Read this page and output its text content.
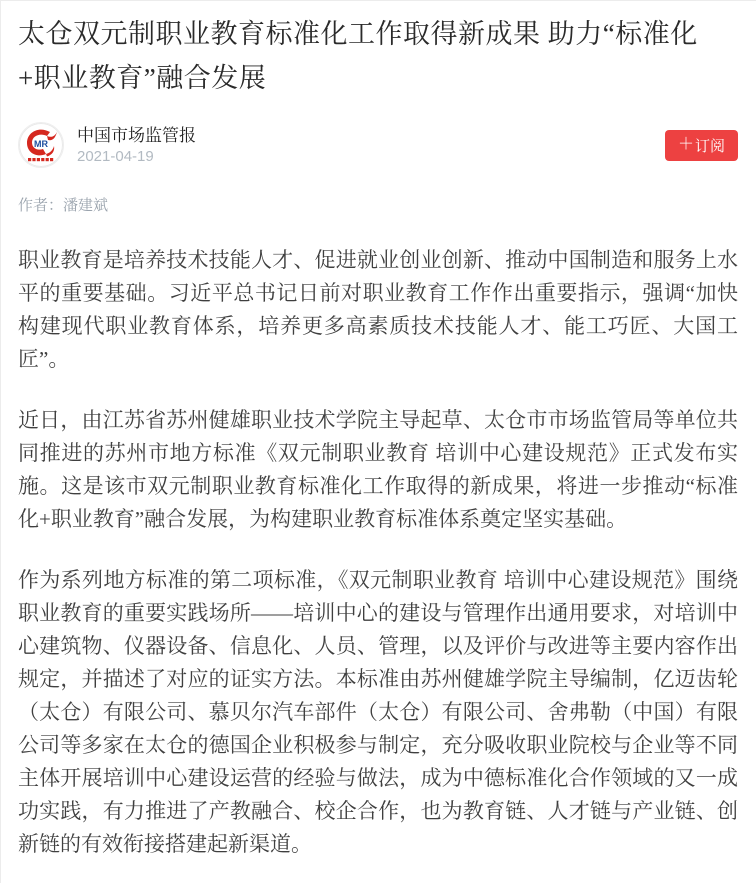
太仓双元制职业教育标准化工作取得新成果 助力“标准化+职业教育”融合发展
MR 中国市场监管报
2021-04-19
＋ 订阅
作者：潘建斌

职业教育是培养技术技能人才、促进就业创业创新、推动中国制造和服务上水平的重要基础。习近平总书记日前对职业教育工作作出重要指示，强调“加快构建现代职业教育体系，培养更多高素质技术技能人才、能工巧匠、大国工匠”。

近日，由江苏省苏州健雄职业技术学院主导起草、太仓市市场监管局等单位共同推进的苏州市地方标准《双元制职业教育 培训中心建设规范》正式发布实施。这是该市双元制职业教育标准化工作取得的新成果，将进一步推动“标准化+职业教育”融合发展，为构建职业教育标准体系奠定坚实基础。

作为系列地方标准的第二项标准，《双元制职业教育 培训中心建设规范》围绕职业教育的重要实践场所——培训中心的建设与管理作出通用要求，对培训中心建筑物、仪器设备、信息化、人员、管理，以及评价与改进等主要内容作出规定，并描述了对应的证实方法。本标准由苏州健雄学院主导编制，亿迈齿轮（太仓）有限公司、慕贝尔汽车部件（太仓）有限公司、舍弗勒（中国）有限公司等多家在太仓的德国企业积极参与制定，充分吸收职业院校与企业等不同主体开展培训中心建设运营的经验与做法，成为中德标准化合作领域的又一成功实践，有力推进了产教融合、校企合作，也为教育链、人才链与产业链、创新链的有效衔接搭建起新渠道。
